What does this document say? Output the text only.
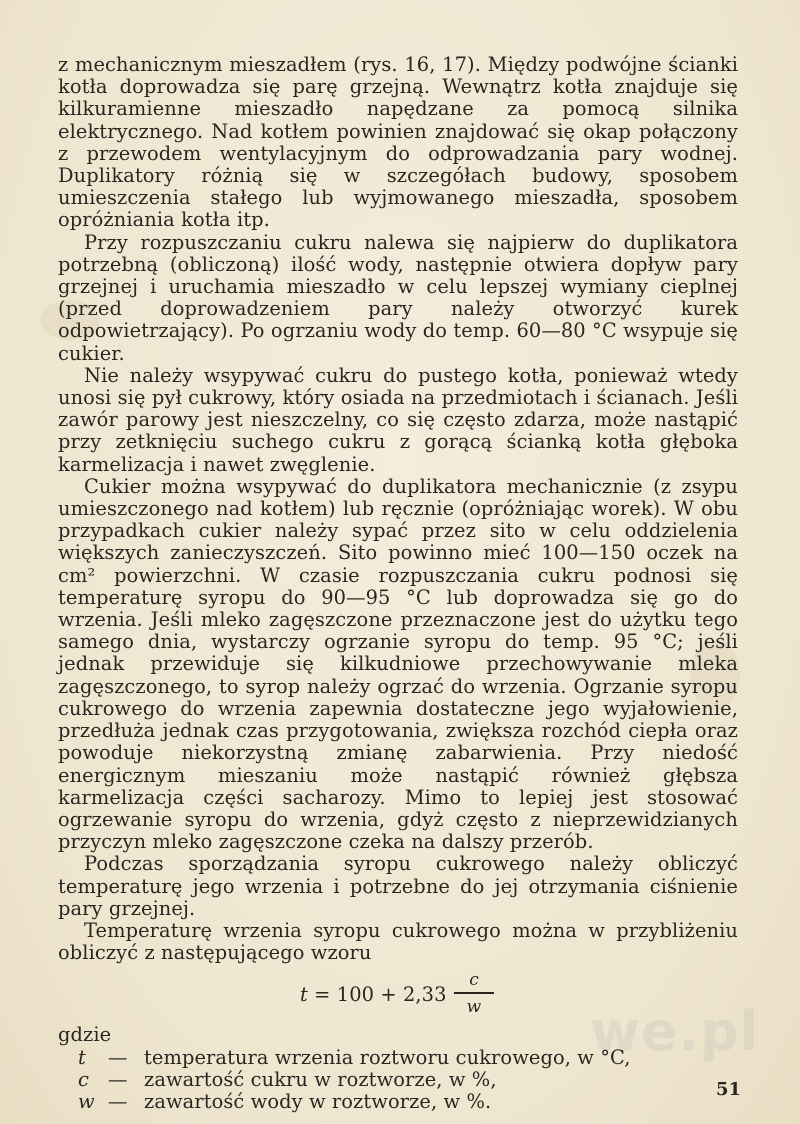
z mechanicznym mieszadłem (rys. 16, 17). Między podwójne ścianki kotła doprowadza się parę grzejną. Wewnątrz kotła znajduje się kilkuramienne mieszadło napędzane za pomocą silnika elektrycznego. Nad kotłem powinien znajdować się okap połączony z przewodem wentylacyjnym do odprowadzania pary wodnej. Duplikatory różnią się w szczegółach budowy, sposobem umieszczenia stałego lub wyjmowanego mieszadła, sposobem opróżniania kotła itp.

Przy rozpuszczaniu cukru nalewa się najpierw do duplikatora potrzebną (obliczoną) ilość wody, następnie otwiera dopływ pary grzejnej i uruchamia mieszadło w celu lepszej wymiany cieplnej (przed doprowadzeniem pary należy otworzyć kurek odpowietrzający). Po ogrzaniu wody do temp. 60—80 °C wsypuje się cukier.

Nie należy wsypywać cukru do pustego kotła, ponieważ wtedy unosi się pył cukrowy, który osiada na przedmiotach i ścianach. Jeśli zawór parowy jest nieszczelny, co się często zdarza, może nastąpić przy zetknięciu suchego cukru z gorącą ścianką kotła głęboka karmelizacja i nawet zwęglenie.

Cukier można wsypywać do duplikatora mechanicznie (z zsypu umieszczonego nad kotłem) lub ręcznie (opróżniając worek). W obu przypadkach cukier należy sypać przez sito w celu oddzielenia większych zanieczyszczeń. Sito powinno mieć 100—150 oczek na cm² powierzchni. W czasie rozpuszczania cukru podnosi się temperaturę syropu do 90—95 °C lub doprowadza się go do wrzenia. Jeśli mleko zagęszczone przeznaczone jest do użytku tego samego dnia, wystarczy ogrzanie syropu do temp. 95 °C; jeśli jednak przewiduje się kilkudniowe przechowywanie mleka zagęszczonego, to syrop należy ogrzać do wrzenia. Ogrzanie syropu cukrowego do wrzenia zapewnia dostateczne jego wyjałowienie, przedłuża jednak czas przygotowania, zwiększa rozchód ciepła oraz powoduje niekorzystną zmianę zabarwienia. Przy niedość energicznym mieszaniu może nastąpić również głębsza karmelizacja części sacharozy. Mimo to lepiej jest stosować ogrzewanie syropu do wrzenia, gdyż często z nieprzewidzianych przyczyn mleko zagęszczone czeka na dalszy przerób.

Podczas sporządzania syropu cukrowego należy obliczyć temperaturę jego wrzenia i potrzebne do jej otrzymania ciśnienie pary grzejnej.

Temperaturę wrzenia syropu cukrowego można w przybliżeniu obliczyć z następującego wzoru

t = 100 + 2,33
c
w

gdzie

t	— temperatura wrzenia roztworu cukrowego, w °C,
c — zawartość cukru w roztworze, w %,
w — zawartość wody w roztworze, w %.
we.pl
51
